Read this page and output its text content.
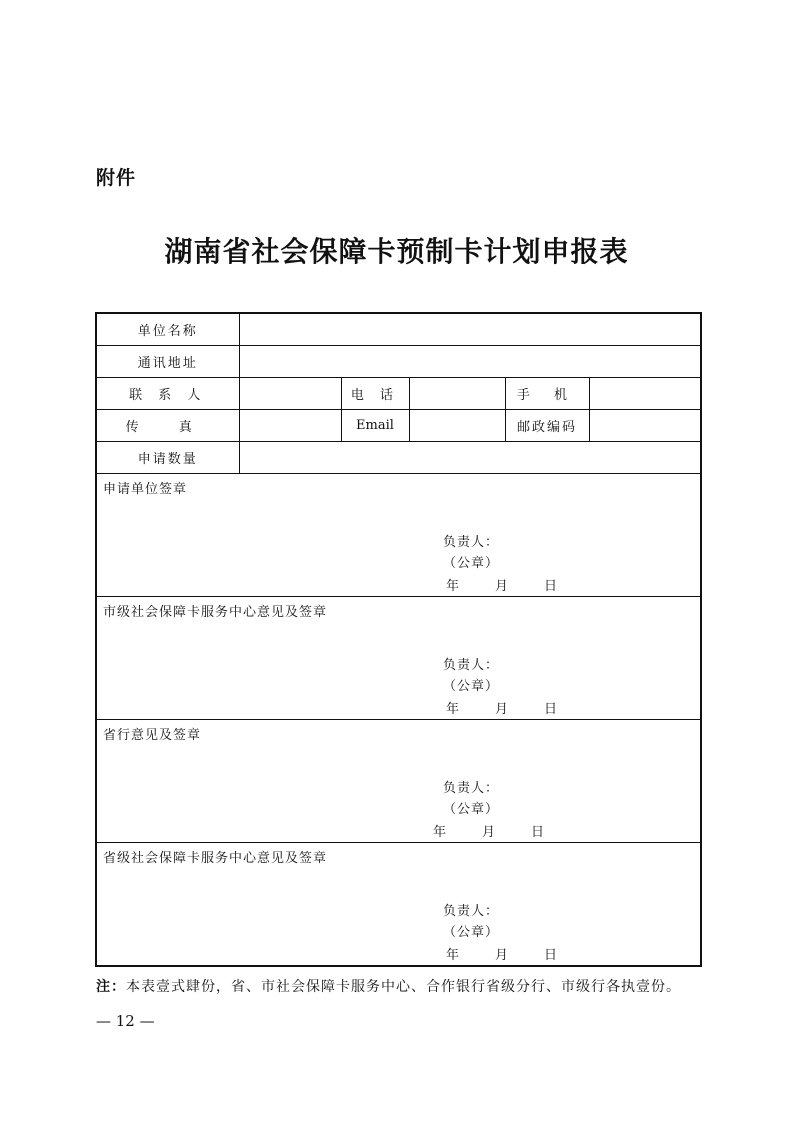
附件
湖南省社会保障卡预制卡计划申报表
单位名称					
通讯地址					
联 系 人		电 话		手 机	
传 真		Email		邮政编码	
申请数量					

申请单位签章
负责人：
（公章）
年 月 日					

市级社会保障卡服务中心意见及签章
负责人：
（公章）
年 月 日					

省行意见及签章
负责人：
（公章）
年 月 日					

省级社会保障卡服务中心意见及签章
负责人：
（公章）
年 月 日					
注：本表壹式肆份，省、市社会保障卡服务中心、合作银行省级分行、市级行各执壹份。
— 12 —
